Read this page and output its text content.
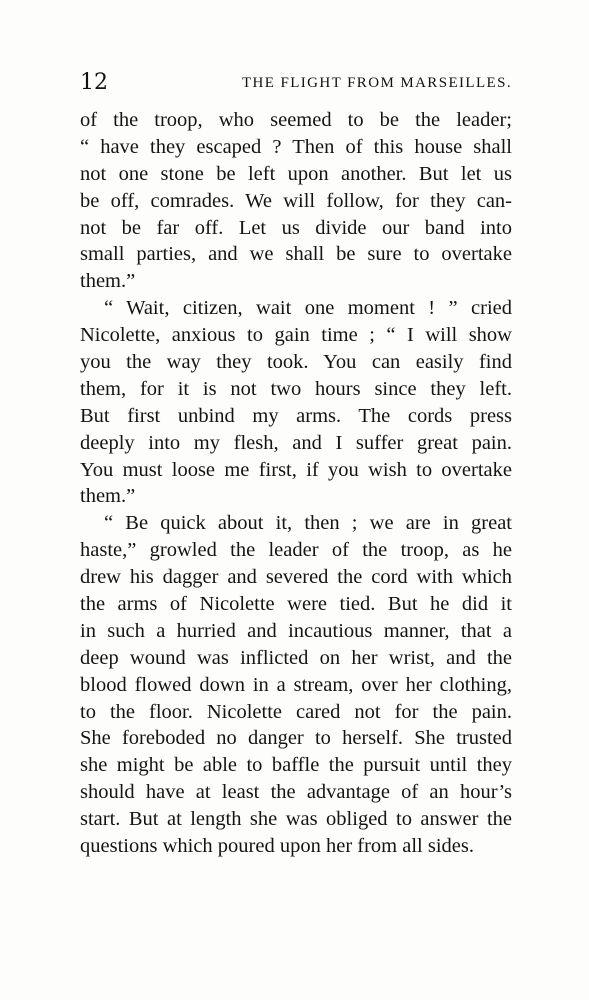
12	THE FLIGHT FROM MARSEILLES.
of the troop, who seemed to be the leader;
“ have they escaped ? Then of this house shall
not one stone be left upon another. But let us
be off, comrades. We will follow, for they can-
not be far off. Let us divide our band into
small parties, and we shall be sure to overtake
them.”
“ Wait, citizen, wait one moment ! ” cried
Nicolette, anxious to gain time ; “ I will show
you the way they took. You can easily find
them, for it is not two hours since they left.
But first unbind my arms. The cords press
deeply into my flesh, and I suffer great pain.
You must loose me first, if you wish to overtake
them.”
“ Be quick about it, then ; we are in great
haste,” growled the leader of the troop, as he
drew his dagger and severed the cord with which
the arms of Nicolette were tied. But he did it
in such a hurried and incautious manner, that a
deep wound was inflicted on her wrist, and the
blood flowed down in a stream, over her clothing,
to the floor. Nicolette cared not for the pain.
She foreboded no danger to herself. She trusted
she might be able to baffle the pursuit until they
should have at least the advantage of an hour’s
start. But at length she was obliged to answer the
questions which poured upon her from all sides.
